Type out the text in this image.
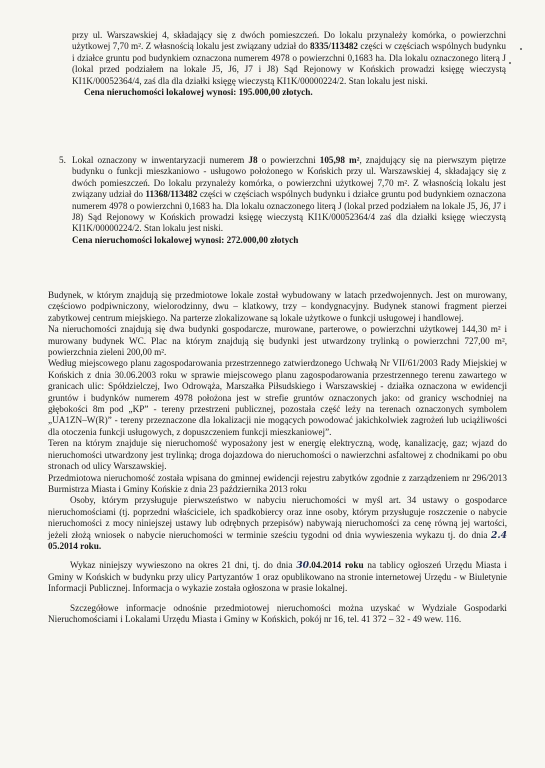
przy ul. Warszawskiej 4, składający się z dwóch pomieszczeń. Do lokalu przynależy komórka, o powierzchni użytkowej 7,70 m². Z własnością lokalu jest związany udział do 8335/113482 części w częściach wspólnych budynku i działce gruntu pod budynkiem oznaczona numerem 4978 o powierzchni 0,1683 ha. Dla lokalu oznaczonego literą J (lokal przed podziałem na lokale J5, J6, J7 i J8) Sąd Rejonowy w Końskich prowadzi księgę wieczystą KI1K/00052364/4, zaś dla dla działki księgę wieczystą KI1K/00000224/2. Stan lokalu jest niski.

Cena nieruchomości lokalowej wynosi: 195.000,00 złotych.

5. Lokal oznaczony w inwentaryzacji numerem J8 o powierzchni 105,98 m², znajdujący się na pierwszym piętrze budynku o funkcji mieszkaniowo - usługowo położonego w Końskich przy ul. Warszawskiej 4, składający się z dwóch pomieszczeń. Do lokalu przynależy komórka, o powierzchni użytkowej 7,70 m². Z własnością lokalu jest związany udział do 11368/113482 części w częściach wspólnych budynku i działce gruntu pod budynkiem oznaczona numerem 4978 o powierzchni 0,1683 ha. Dla lokalu oznaczonego literą J (lokal przed podziałem na lokale J5, J6, J7 i J8) Sąd Rejonowy w Końskich prowadzi księgę wieczystą KI1K/00052364/4 zaś dla działki księgę wieczystą KI1K/00000224/2. Stan lokalu jest niski.

Cena nieruchomości lokalowej wynosi: 272.000,00 złotych

Budynek, w którym znajdują się przedmiotowe lokale został wybudowany w latach przedwojennych. Jest on murowany, częściowo podpiwniczony, wielorodzinny, dwu – klatkowy, trzy – kondygnacyjny. Budynek stanowi fragment pierzei zabytkowej centrum miejskiego. Na parterze zlokalizowane są lokale użytkowe o funkcji usługowej i handlowej.

Na nieruchomości znajdują się dwa budynki gospodarcze, murowane, parterowe, o powierzchni użytkowej 144,30 m² i murowany budynek WC. Plac na którym znajdują się budynki jest utwardzony trylinką o powierzchni 727,00 m², powierzchnia zieleni 200,00 m².

Według miejscowego planu zagospodarowania przestrzennego zatwierdzonego Uchwałą Nr VII/61/2003 Rady Miejskiej w Końskich z dnia 30.06.2003 roku w sprawie miejscowego planu zagospodarowania przestrzennego terenu zawartego w granicach ulic: Spółdzielczej, Iwo Odrowąża, Marszałka Piłsudskiego i Warszawskiej - działka oznaczona w ewidencji gruntów i budynków numerem 4978 położona jest w strefie gruntów oznaczonych jako: od granicy wschodniej na głębokości 8m pod „KP” - tereny przestrzeni publicznej, pozostała część leży na terenach oznaczonych symbolem „UA1ZN–W(R)” - tereny przeznaczone dla lokalizacji nie mogących powodować jakichkolwiek zagrożeń lub uciążliwości dla otoczenia funkcji usługowych, z dopuszczeniem funkcji mieszkaniowej”.

Teren na którym znajduje się nieruchomość wyposażony jest w energię elektryczną, wodę, kanalizację, gaz; wjazd do nieruchomości utwardzony jest trylinką; droga dojazdowa do nieruchomości o nawierzchni asfaltowej z chodnikami po obu stronach od ulicy Warszawskiej.

Przedmiotowa nieruchomość została wpisana do gminnej ewidencji rejestru zabytków zgodnie z zarządzeniem nr 296/2013 Burmistrza Miasta i Gminy Końskie z dnia 23 października 2013 roku

Osoby, którym przysługuje pierwszeństwo w nabyciu nieruchomości w myśl art. 34 ustawy o gospodarce nieruchomościami (tj. poprzedni właściciele, ich spadkobiercy oraz inne osoby, którym przysługuje roszczenie o nabycie nieruchomości z mocy niniejszej ustawy lub odrębnych przepisów) nabywają nieruchomości za cenę równą jej wartości, jeżeli złożą wniosek o nabycie nieruchomości w terminie sześciu tygodni od dnia wywieszenia wykazu tj. do dnia 2.4 05.2014 roku.

Wykaz niniejszy wywieszono na okres 21 dni, tj. do dnia 30.04.2014 roku na tablicy ogłoszeń Urzędu Miasta i Gminy w Końskich w budynku przy ulicy Partyzantów 1 oraz opublikowano na stronie internetowej Urzędu - w Biuletynie Informacji Publicznej. Informacja o wykazie została ogłoszona w prasie lokalnej.

Szczegółowe informacje odnośnie przedmiotowej nieruchomości można uzyskać w Wydziale Gospodarki Nieruchomościami i Lokalami Urzędu Miasta i Gminy w Końskich, pokój nr 16, tel. 41 372 – 32 - 49 wew. 116.
